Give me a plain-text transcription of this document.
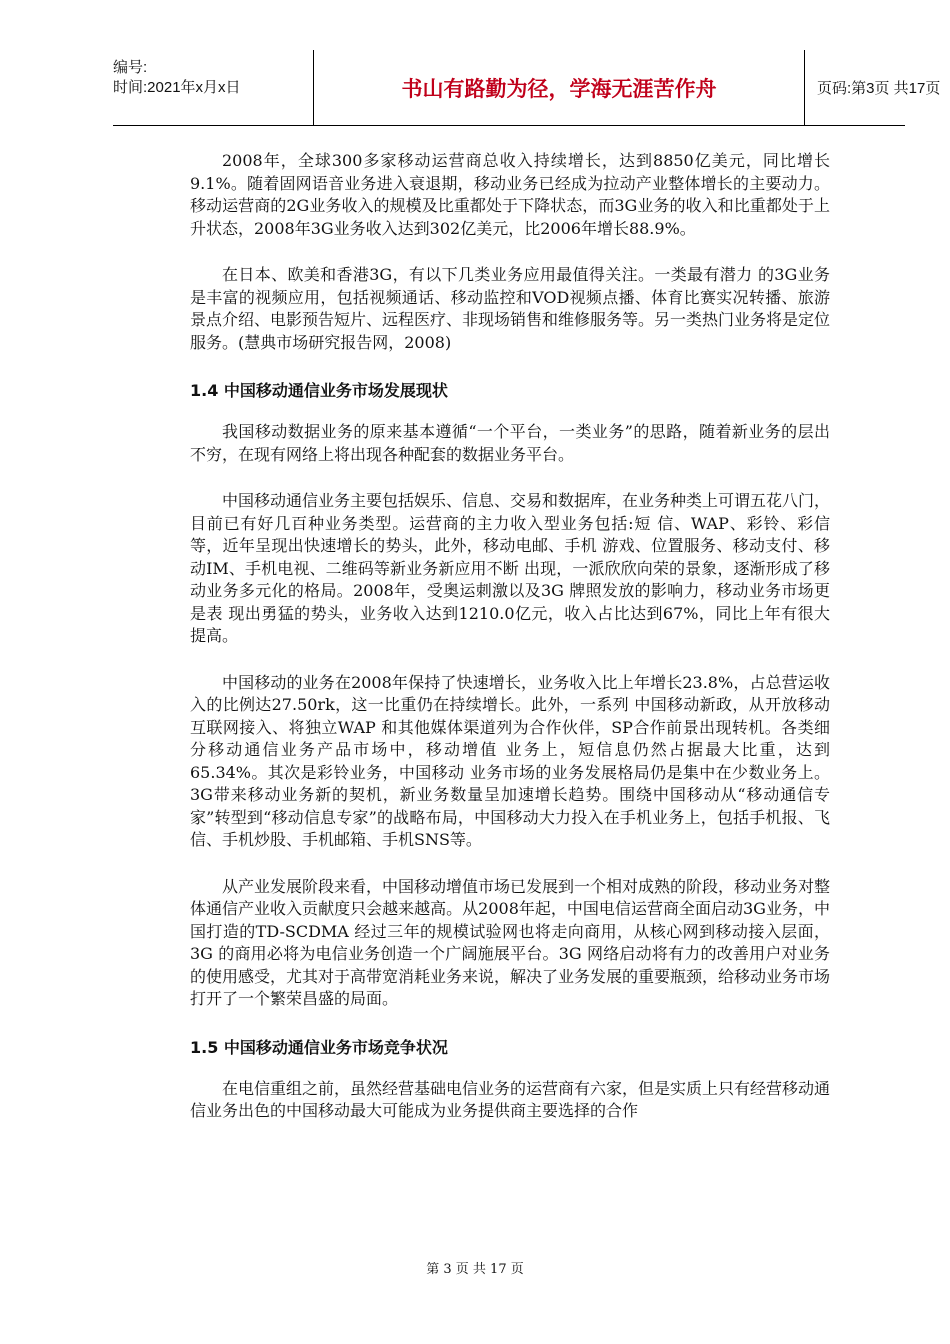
编号:
时间:2021年x月x日	书山有路勤为径，学海无涯苦作舟	页码:第3页 共17页

2008年，全球300多家移动运营商总收入持续增长，达到8850亿美元，同比增长9.1%。随着固网语音业务进入衰退期，移动业务已经成为拉动产业整体增长的主要动力。移动运营商的2G业务收入的规模及比重都处于下降状态，而3G业务的收入和比重都处于上升状态，2008年3G业务收入达到302亿美元，比2006年增长88.9%。

在日本、欧美和香港3G，有以下几类业务应用最值得关注。一类最有潜力 的3G业务是丰富的视频应用，包括视频通话、移动监控和VOD视频点播、体育比赛实况转播、旅游景点介绍、电影预告短片、远程医疗、非现场销售和维修服务等。另一类热门业务将是定位服务。(慧典市场研究报告网，2008)

1.4 中国移动通信业务市场发展现状

我国移动数据业务的原来基本遵循“一个平台，一类业务”的思路，随着新业务的层出不穷，在现有网络上将出现各种配套的数据业务平台。

中国移动通信业务主要包括娱乐、信息、交易和数据库，在业务种类上可谓五花八门，目前已有好几百种业务类型。运营商的主力收入型业务包括:短 信、WAP、彩铃、彩信等，近年呈现出快速增长的势头，此外，移动电邮、手机 游戏、位置服务、移动支付、移动IM、手机电视、二维码等新业务新应用不断 出现，一派欣欣向荣的景象，逐渐形成了移动业务多元化的格局。2008年，受奥运刺激以及3G 牌照发放的影响力，移动业务市场更是表 现出勇猛的势头，业务收入达到1210.0亿元，收入占比达到67%，同比上年有很大提高。

中国移动的业务在2008年保持了快速增长，业务收入比上年增长23.8%，占总营运收入的比例达27.50rk，这一比重仍在持续增长。此外，一系列 中国移动新政，从开放移动互联网接入、将独立WAP 和其他媒体渠道列为合作伙伴，SP合作前景出现转机。各类细分移动通信业务产品市场中，移动增值 业务上，短信息仍然占据最大比重，达到65.34%。其次是彩铃业务，中国移动 业务市场的业务发展格局仍是集中在少数业务上。3G带来移动业务新的契机，新业务数量呈加速增长趋势。围绕中国移动从“移动通信专家”转型到“移动信息专家”的战略布局，中国移动大力投入在手机业务上，包括手机报、飞信、手机炒股、手机邮箱、手机SNS等。

从产业发展阶段来看，中国移动增值市场已发展到一个相对成熟的阶段，移动业务对整体通信产业收入贡献度只会越来越高。从2008年起，中国电信运营商全面启动3G业务，中国打造的TD-SCDMA 经过三年的规模试验网也将走向商用，从核心网到移动接入层面，3G 的商用必将为电信业务创造一个广阔施展平台。3G 网络启动将有力的改善用户对业务的使用感受，尤其对于高带宽消耗业务来说，解决了业务发展的重要瓶颈，给移动业务市场打开了一个繁荣昌盛的局面。

1.5 中国移动通信业务市场竞争状况

在电信重组之前，虽然经营基础电信业务的运营商有六家，但是实质上只有经营移动通信业务出色的中国移动最大可能成为业务提供商主要选择的合作

第 3 页 共 17 页
